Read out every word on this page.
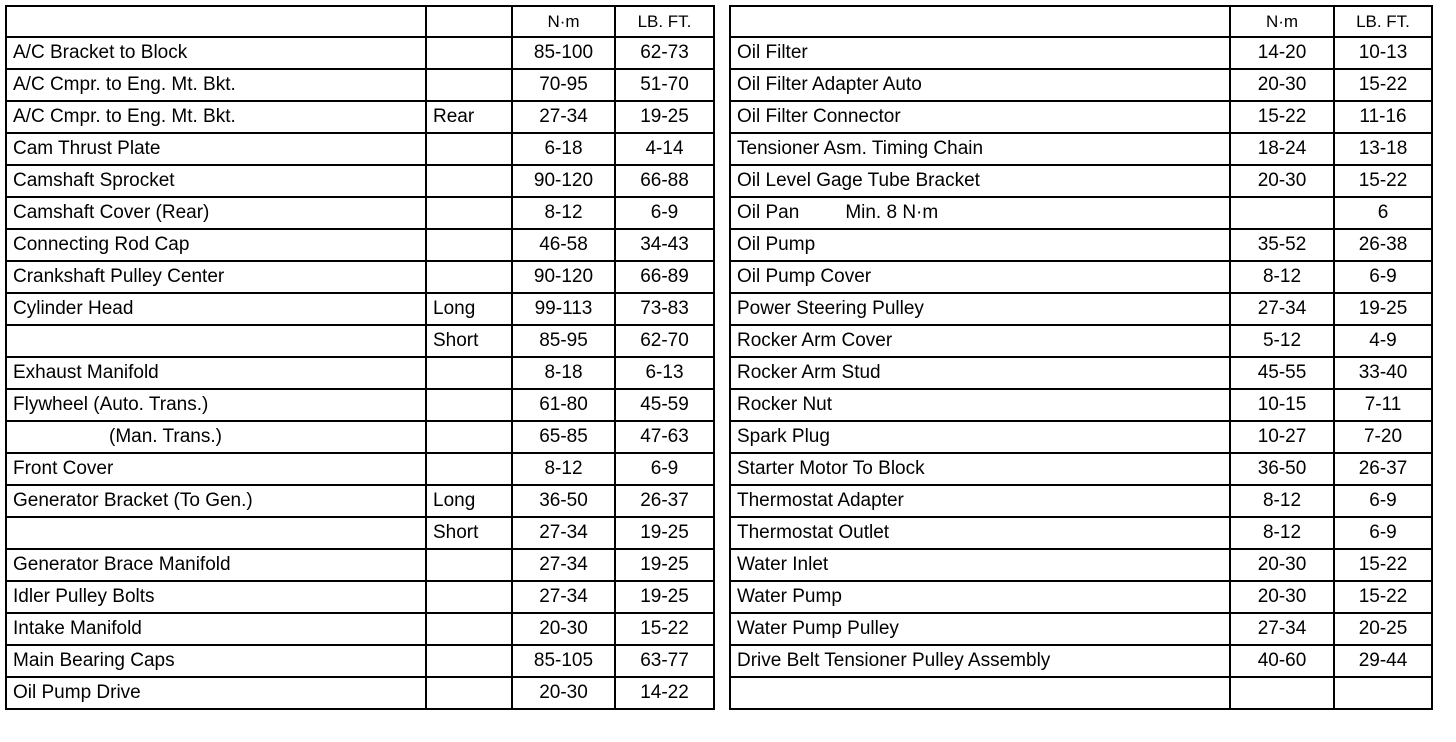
		N·m	LB. FT.
A/C Bracket to Block		85-100	62-73
A/C Cmpr. to Eng. Mt. Bkt.		70-95	51-70
A/C Cmpr. to Eng. Mt. Bkt.	Rear	27-34	19-25
Cam Thrust Plate		6-18	4-14
Camshaft Sprocket		90-120	66-88
Camshaft Cover (Rear)		8-12	6-9
Connecting Rod Cap		46-58	34-43
Crankshaft Pulley Center		90-120	66-89
Cylinder Head	Long	99-113	73-83
	Short	85-95	62-70
Exhaust Manifold		8-18	6-13
Flywheel (Auto. Trans.)		61-80	45-59
(Man. Trans.)		65-85	47-63
Front Cover		8-12	6-9
Generator Bracket (To Gen.)	Long	36-50	26-37
	Short	27-34	19-25
Generator Brace Manifold		27-34	19-25
Idler Pulley Bolts		27-34	19-25
Intake Manifold		20-30	15-22
Main Bearing Caps		85-105	63-77
Oil Pump Drive		20-30	14-22
	N·m	LB. FT.
Oil Filter	14-20	10-13
Oil Filter Adapter Auto	20-30	15-22
Oil Filter Connector	15-22	11-16
Tensioner Asm. Timing Chain	18-24	13-18
Oil Level Gage Tube Bracket	20-30	15-22
Oil Pan Min. 8 N·m		6
Oil Pump	35-52	26-38
Oil Pump Cover	8-12	6-9
Power Steering Pulley	27-34	19-25
Rocker Arm Cover	5-12	4-9
Rocker Arm Stud	45-55	33-40
Rocker Nut	10-15	7-11
Spark Plug	10-27	7-20
Starter Motor To Block	36-50	26-37
Thermostat Adapter	8-12	6-9
Thermostat Outlet	8-12	6-9
Water Inlet	20-30	15-22
Water Pump	20-30	15-22
Water Pump Pulley	27-34	20-25
Drive Belt Tensioner Pulley Assembly	40-60	29-44
